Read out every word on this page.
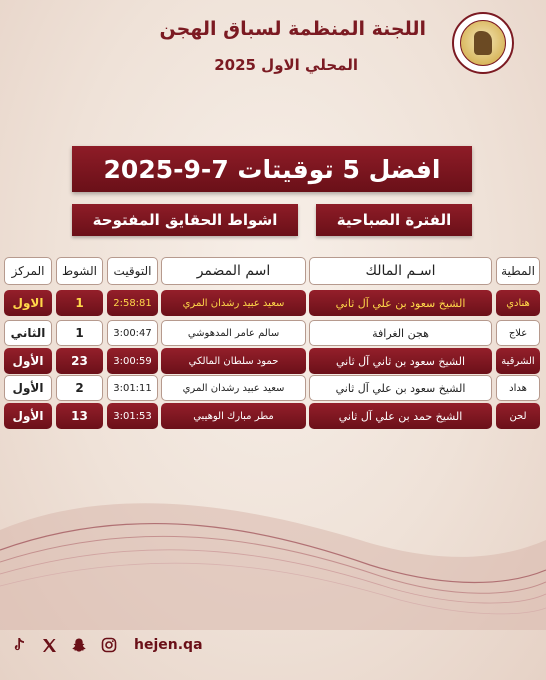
اللجنة المنظمة لسباق الهجن
المحلي الاول 2025
افضل 5 توقيتات 7-9-2025
الفترة الصباحية
اشواط الحقايق المفتوحة
المطية
اسـم المالك
اسم المضمر
التوقيت
الشوط
المركز
هنادي
الشيخ سعود بن علي آل ثاني
سعيد عبيد رشدان المري
2:58:81
1
الاول
علاج
هجن الغرافة
سالم عامر المدهوشي
3:00:47
1
الثاني
الشرقية
الشيخ سعود بن ثاني آل ثاني
حمود سلطان المالكي
3:00:59
23
الأول
هداد
الشيخ سعود بن علي آل ثاني
سعيد عبيد رشدان المري
3:01:11
2
الأول
لحن
الشيخ حمد بن علي آل ثاني
مطر مبارك الوهيبي
3:01:53
13
الأول
hejen.qa
